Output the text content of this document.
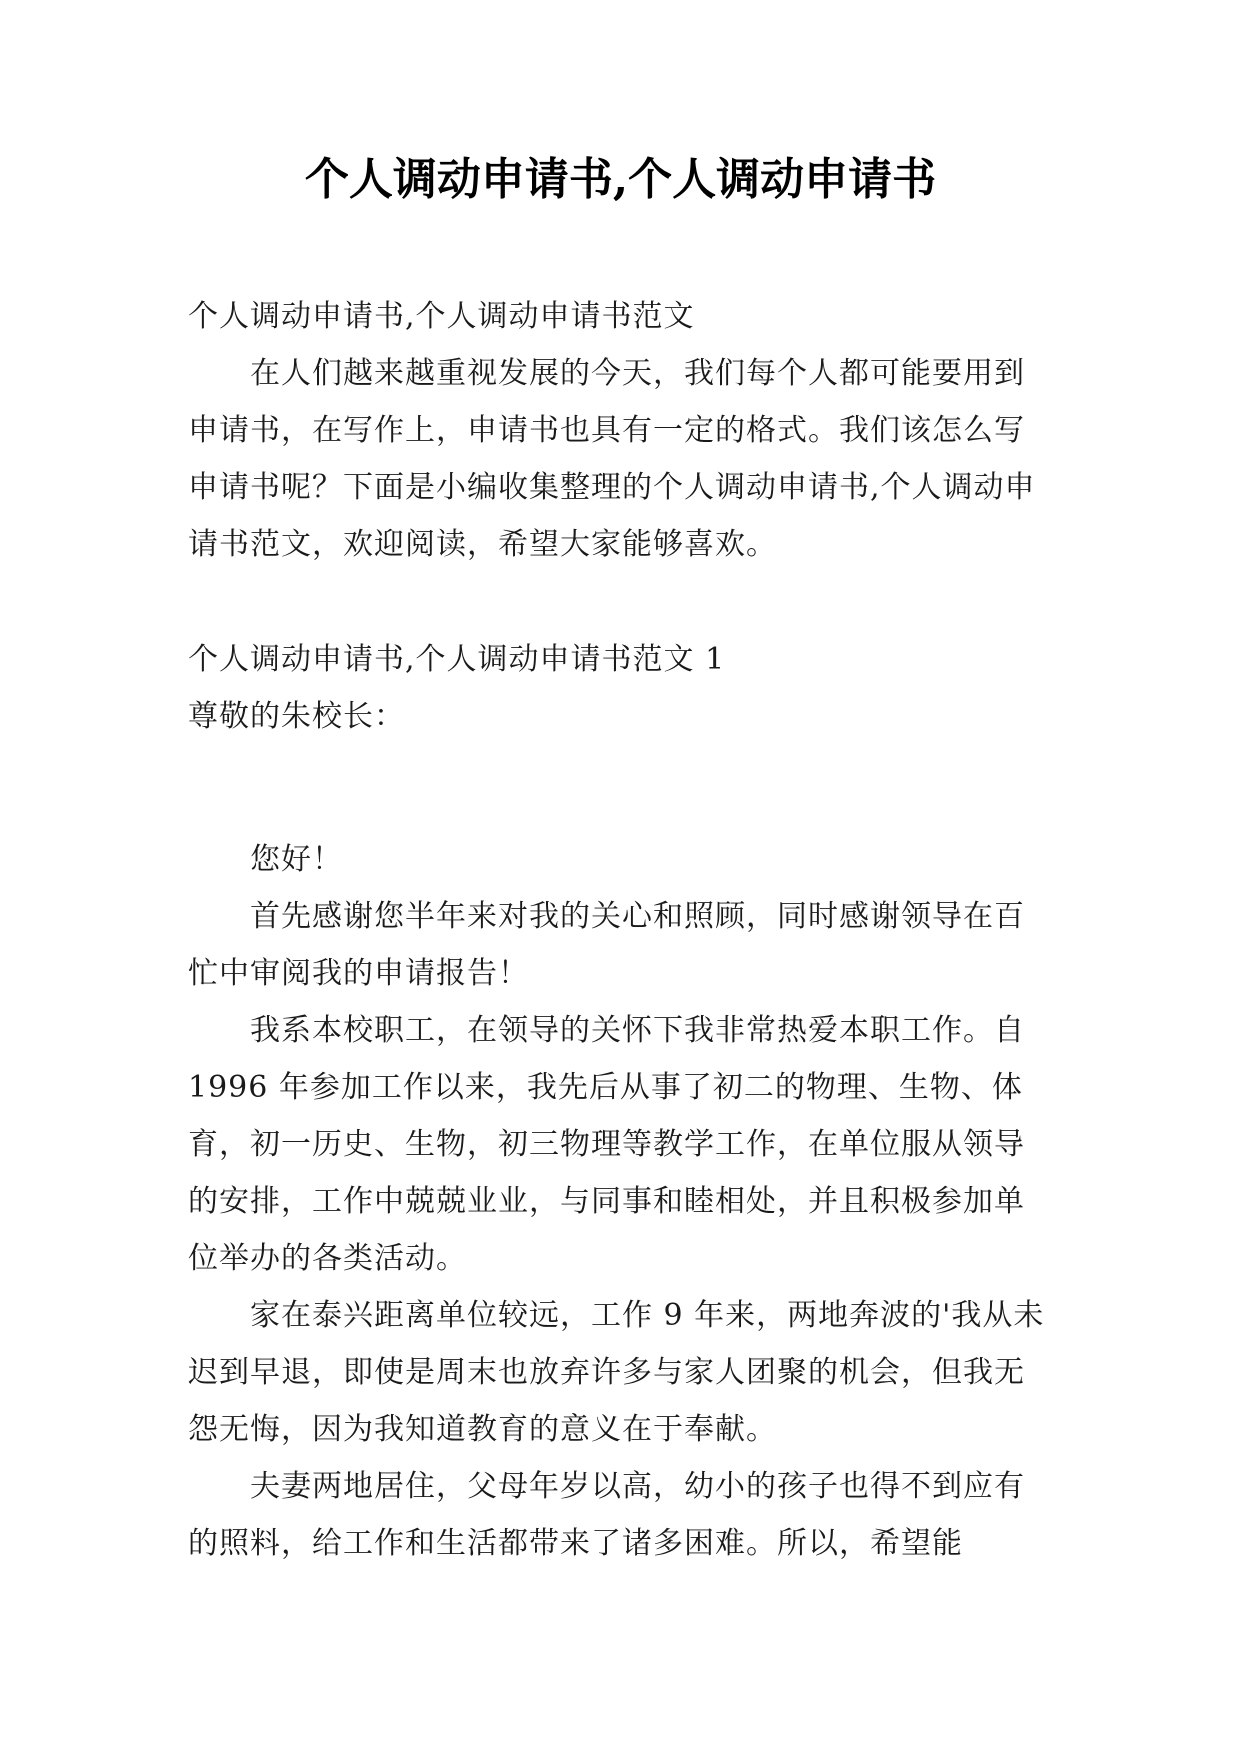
个人调动申请书,个人调动申请书

个人调动申请书,个人调动申请书范文

在人们越来越重视发展的今天，我们每个人都可能要用到申请书，在写作上，申请书也具有一定的格式。我们该怎么写申请书呢？下面是小编收集整理的个人调动申请书,个人调动申请书范文，欢迎阅读，希望大家能够喜欢。

个人调动申请书,个人调动申请书范文 1

尊敬的朱校长：

您好！

首先感谢您半年来对我的关心和照顾，同时感谢领导在百忙中审阅我的申请报告！

我系本校职工，在领导的关怀下我非常热爱本职工作。自 1996 年参加工作以来，我先后从事了初二的物理、生物、体育，初一历史、生物，初三物理等教学工作，在单位服从领导的安排，工作中兢兢业业，与同事和睦相处，并且积极参加单位举办的各类活动。

家在泰兴距离单位较远，工作 9 年来，两地奔波的'我从未迟到早退，即使是周末也放弃许多与家人团聚的机会，但我无怨无悔，因为我知道教育的意义在于奉献。

夫妻两地居住，父母年岁以高，幼小的孩子也得不到应有的照料，给工作和生活都带来了诸多困难。所以，希望能
